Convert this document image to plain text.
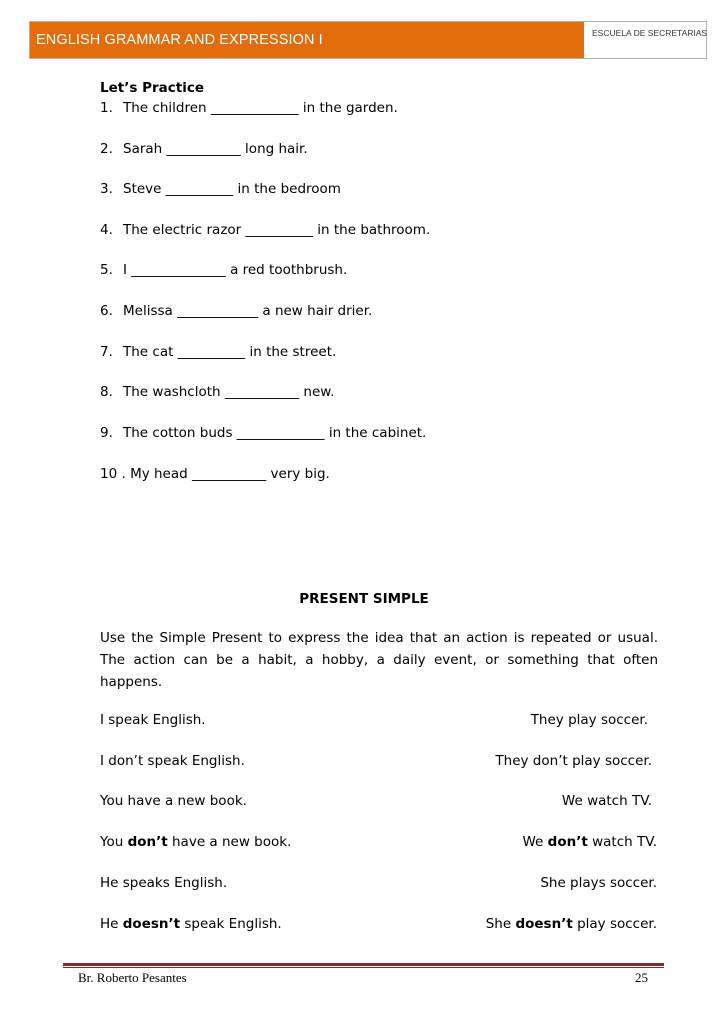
ENGLISH GRAMMAR AND EXPRESSION I	ESCUELA DE SECRETARIAS
Let’s Practice
1. The children _____________ in the garden.
2. Sarah ___________ long hair.
3. Steve __________ in the bedroom
4. The electric razor __________ in the bathroom.
5. I ______________ a red toothbrush.
6. Melissa ____________ a new hair drier.
7. The cat __________ in the street.
8. The washcloth ___________ new.
9. The cotton buds _____________ in the cabinet.
10 . My head ___________ very big.
PRESENT SIMPLE
Use the Simple Present to express the idea that an action is repeated or usual. The action can be a habit, a hobby, a daily event, or something that often happens.
I speak English.	They play soccer.
I don’t speak English.	They don’t play soccer.
You have a new book.	We watch TV.
You don’t have a new book.	We don’t watch TV.
He speaks English.	She plays soccer.
He doesn’t speak English.	She doesn’t play soccer.
Br. Roberto Pesantes	25
